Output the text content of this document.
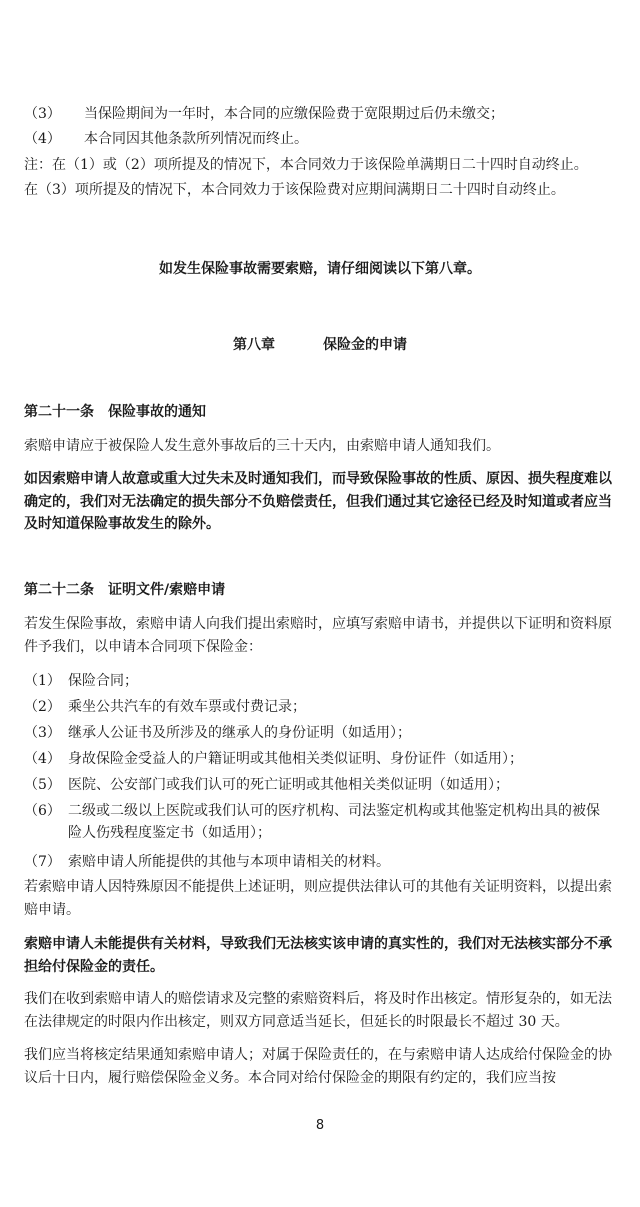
（3） 当保险期间为一年时，本合同的应缴保险费于宽限期过后仍未缴交；
（4） 本合同因其他条款所列情况而终止。
注：在（1）或（2）项所提及的情况下，本合同效力于该保险单满期日二十四时自动终止。
在（3）项所提及的情况下，本合同效力于该保险费对应期间满期日二十四时自动终止。
如发生保险事故需要索赔，请仔细阅读以下第八章。
第八章	保险金的申请
第二十一条　保险事故的通知
索赔申请应于被保险人发生意外事故后的三十天内，由索赔申请人通知我们。
如因索赔申请人故意或重大过失未及时通知我们，而导致保险事故的性质、原因、损失程度难以确定的，我们对无法确定的损失部分不负赔偿责任，但我们通过其它途径已经及时知道或者应当及时知道保险事故发生的除外。
第二十二条　证明文件/索赔申请
若发生保险事故，索赔申请人向我们提出索赔时，应填写索赔申请书，并提供以下证明和资料原件予我们，以申请本合同项下保险金：
（1） 保险合同；
（2） 乘坐公共汽车的有效车票或付费记录；
（3） 继承人公证书及所涉及的继承人的身份证明（如适用）；
（4） 身故保险金受益人的户籍证明或其他相关类似证明、身份证件（如适用）；
（5） 医院、公安部门或我们认可的死亡证明或其他相关类似证明（如适用）；
（6） 二级或二级以上医院或我们认可的医疗机构、司法鉴定机构或其他鉴定机构出具的被保险人伤残程度鉴定书（如适用）；
（7） 索赔申请人所能提供的其他与本项申请相关的材料。
若索赔申请人因特殊原因不能提供上述证明，则应提供法律认可的其他有关证明资料，以提出索赔申请。
索赔申请人未能提供有关材料，导致我们无法核实该申请的真实性的，我们对无法核实部分不承担给付保险金的责任。
我们在收到索赔申请人的赔偿请求及完整的索赔资料后，将及时作出核定。情形复杂的，如无法在法律规定的时限内作出核定，则双方同意适当延长，但延长的时限最长不超过 30 天。
我们应当将核定结果通知索赔申请人；对属于保险责任的，在与索赔申请人达成给付保险金的协议后十日内，履行赔偿保险金义务。本合同对给付保险金的期限有约定的，我们应当按
8
